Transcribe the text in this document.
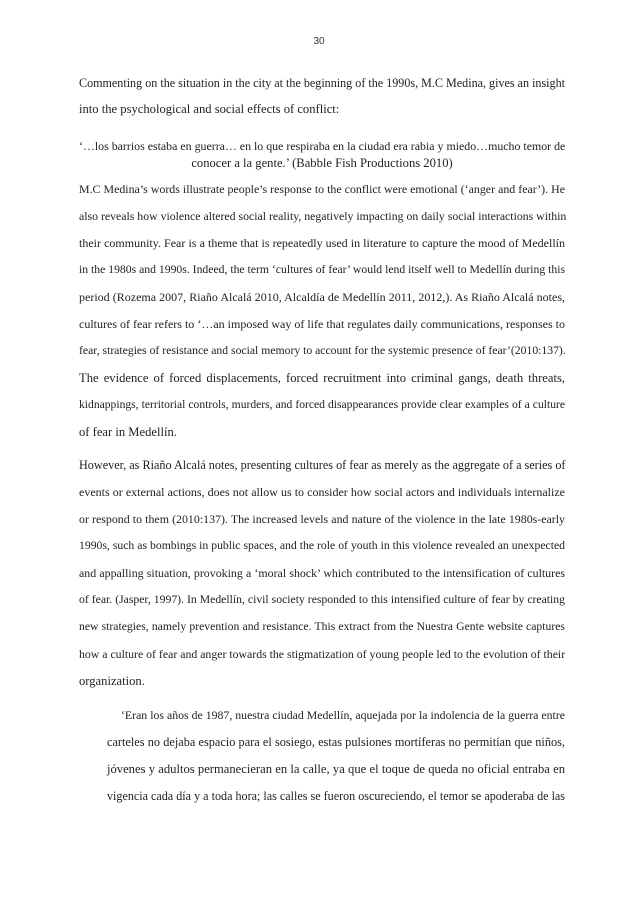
30
Commenting on the situation in the city at the beginning of the 1990s, M.C Medina, gives an insight
into the psychological and social effects of conflict:
‘…los barrios estaba en guerra… en lo que respiraba en la ciudad era rabia y miedo…mucho temor de
conocer a la gente.’ (Babble Fish Productions 2010)
M.C Medina’s words illustrate people’s response to the conflict were emotional (‘anger and fear’). He
also reveals how violence altered social reality, negatively impacting on daily social interactions within
their community. Fear is a theme that is repeatedly used in literature to capture the mood of Medellín
in the 1980s and 1990s. Indeed, the term ‘cultures of fear’ would lend itself well to Medellín during this
period (Rozema 2007, Riaño Alcalá 2010, Alcaldía de Medellín 2011, 2012,). As Riaño Alcalá notes,
cultures of fear refers to ‘…an imposed way of life that regulates daily communications, responses to
fear, strategies of resistance and social memory to account for the systemic presence of fear’(2010:137).
The evidence of forced displacements, forced recruitment into criminal gangs, death threats,
kidnappings, territorial controls, murders, and forced disappearances provide clear examples of a culture
of fear in Medellín.
However, as Riaño Alcalá notes, presenting cultures of fear as merely as the aggregate of a series of
events or external actions, does not allow us to consider how social actors and individuals internalize
or respond to them (2010:137). The increased levels and nature of the violence in the late 1980s-early
1990s, such as bombings in public spaces, and the role of youth in this violence revealed an unexpected
and appalling situation, provoking a ‘moral shock’ which contributed to the intensification of cultures
of fear. (Jasper, 1997). In Medellín, civil society responded to this intensified culture of fear by creating
new strategies, namely prevention and resistance. This extract from the Nuestra Gente website captures
how a culture of fear and anger towards the stigmatization of young people led to the evolution of their
organization.
‘Eran los años de 1987, nuestra ciudad Medellín, aquejada por la indolencia de la guerra entre
carteles no dejaba espacio para el sosiego, estas pulsiones mortíferas no permitían que niños,
jóvenes y adultos permanecieran en la calle, ya que el toque de queda no oficial entraba en
vigencia cada día y a toda hora; las calles se fueron oscureciendo, el temor se apoderaba de las
